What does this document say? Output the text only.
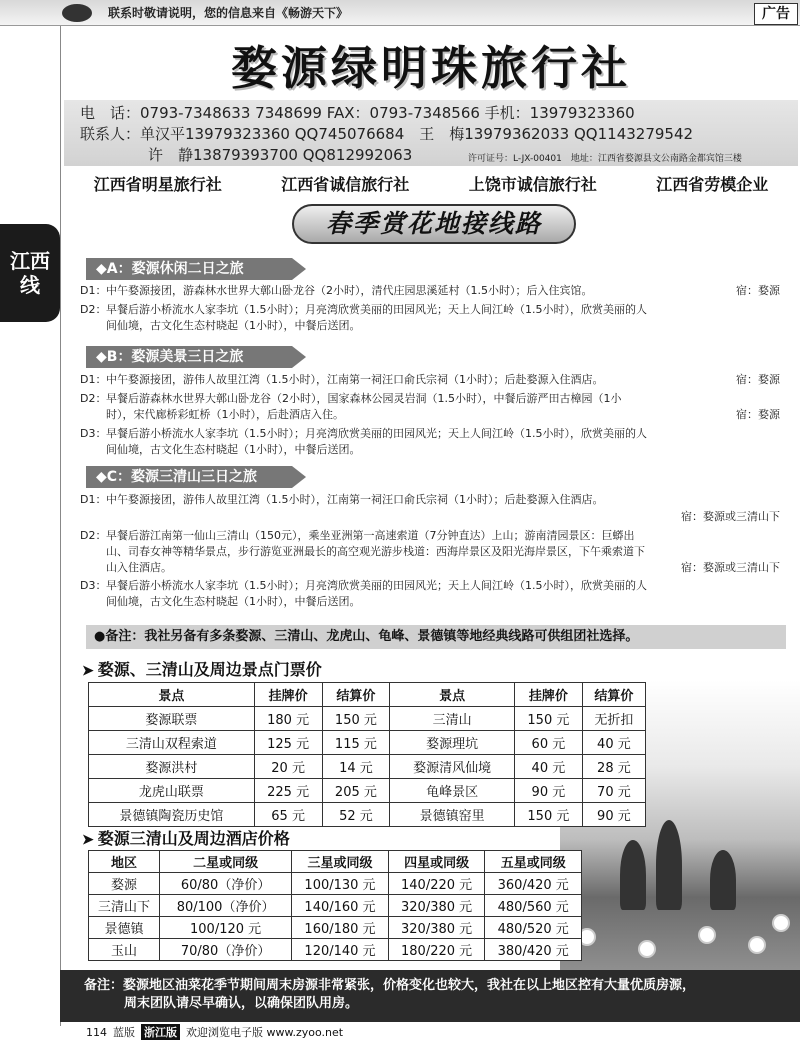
联系时敬请说明，您的信息来自《畅游天下》	广告
江西
线
婺源绿明珠旅行社
电　话：0793-7348633 7348699 FAX：0793-7348566 手机：13979323360
联系人：单汉平13979323360 QQ745076684　王　梅13979362033 QQ1143279542
许　静13879393700 QQ812992063	许可证号：L-JX-00401　地址：江西省婺源县文公南路金都宾馆三楼
江西省明星旅行社	江西省诚信旅行社	上饶市诚信旅行社	江西省劳模企业
春季赏花地接线路
◆A：婺源休闲二日之旅
D1：中午婺源接团，游森林水世界大鄣山卧龙谷（2小时），清代庄园思溪延村（1.5小时）；后入住宾馆。	宿：婺源
D2：早餐后游小桥流水人家李坑（1.5小时）；月亮湾欣赏美丽的田园风光；天上人间江岭（1.5小时），欣赏美丽的人
间仙境，古文化生态村晓起（1小时），中餐后送团。
◆B：婺源美景三日之旅
D1：中午婺源接团，游伟人故里江湾（1.5小时），江南第一祠汪口俞氏宗祠（1小时）；后赴婺源入住酒店。	宿：婺源
D2：早餐后游森林水世界大鄣山卧龙谷（2小时），国家森林公园灵岩洞（1.5小时），中餐后游严田古樟园（1小
时），宋代廊桥彩虹桥（1小时），后赴酒店入住。	宿：婺源
D3：早餐后游小桥流水人家李坑（1.5小时）；月亮湾欣赏美丽的田园风光；天上人间江岭（1.5小时），欣赏美丽的人
间仙境，古文化生态村晓起（1小时），中餐后送团。
◆C：婺源三清山三日之旅
D1：中午婺源接团，游伟人故里江湾（1.5小时），江南第一祠汪口俞氏宗祠（1小时）；后赴婺源入住酒店。
宿：婺源或三清山下
D2：早餐后游江南第一仙山三清山（150元），乘坐亚洲第一高速索道（7分钟直达）上山；游南清园景区：巨蟒出
山、司春女神等精华景点，步行游览亚洲最长的高空观光游步栈道：西海岸景区及阳光海岸景区，下午乘索道下
山入住酒店。	宿：婺源或三清山下
D3：早餐后游小桥流水人家李坑（1.5小时）；月亮湾欣赏美丽的田园风光；天上人间江岭（1.5小时），欣赏美丽的人
间仙境，古文化生态村晓起（1小时），中餐后送团。
●备注：我社另备有多条婺源、三清山、龙虎山、龟峰、景德镇等地经典线路可供组团社选择。
➤ 婺源、三清山及周边景点门票价
景点	挂牌价	结算价	景点	挂牌价	结算价
婺源联票	180 元	150 元	三清山	150 元	无折扣
三清山双程索道	125 元	115 元	婺源理坑	60 元	40 元
婺源洪村	20 元	14 元	婺源清风仙境	40 元	28 元
龙虎山联票	225 元	205 元	龟峰景区	90 元	70 元
景德镇陶瓷历史馆	65 元	52 元	景德镇窑里	150 元	90 元
➤ 婺源三清山及周边酒店价格
地区	二星或同级	三星或同级	四星或同级	五星或同级
婺源	60/80（净价）	100/130 元	140/220 元	360/420 元
三清山下	80/100（净价）	140/160 元	320/380 元	480/560 元
景德镇	100/120 元	160/180 元	320/380 元	480/520 元
玉山	70/80（净价）	120/140 元	180/220 元	380/420 元
备注：婺源地区油菜花季节期间周末房源非常紧张，价格变化也较大，我社在以上地区控有大量优质房源，
周末团队请尽早确认，以确保团队用房。
114 蓝版 浙江版 欢迎浏览电子版 www.zyoo.net
